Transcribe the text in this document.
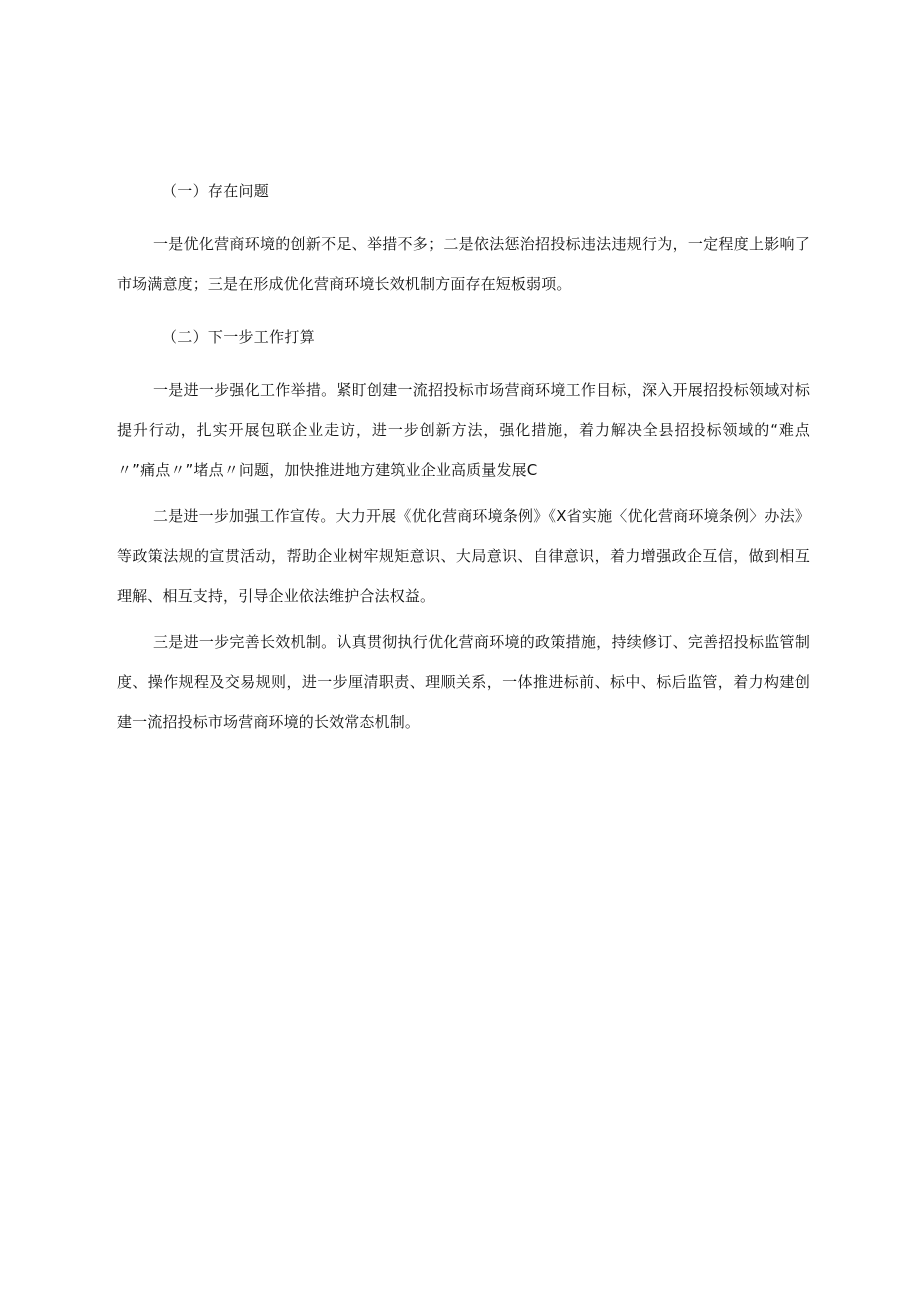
（一）存在问题

一是优化营商环境的创新不足、举措不多；二是依法惩治招投标违法违规行为，一定程度上影响了市场满意度；三是在形成优化营商环境长效机制方面存在短板弱项。

（二）下一步工作打算

一是进一步强化工作举措。紧盯创建一流招投标市场营商环境工作目标，深入开展招投标领域对标提升行动，扎实开展包联企业走访，进一步创新方法，强化措施，着力解决全县招投标领域的“难点〃”痛点〃”堵点〃问题，加快推进地方建筑业企业高质量发展C

二是进一步加强工作宣传。大力开展《优化营商环境条例》《X省实施〈优化营商环境条例〉办法》等政策法规的宣贯活动，帮助企业树牢规矩意识、大局意识、自律意识，着力增强政企互信，做到相互理解、相互支持，引导企业依法维护合法权益。

三是进一步完善长效机制。认真贯彻执行优化营商环境的政策措施，持续修订、完善招投标监管制度、操作规程及交易规则，进一步厘清职责、理顺关系，一体推进标前、标中、标后监管，着力构建创建一流招投标市场营商环境的长效常态机制。
